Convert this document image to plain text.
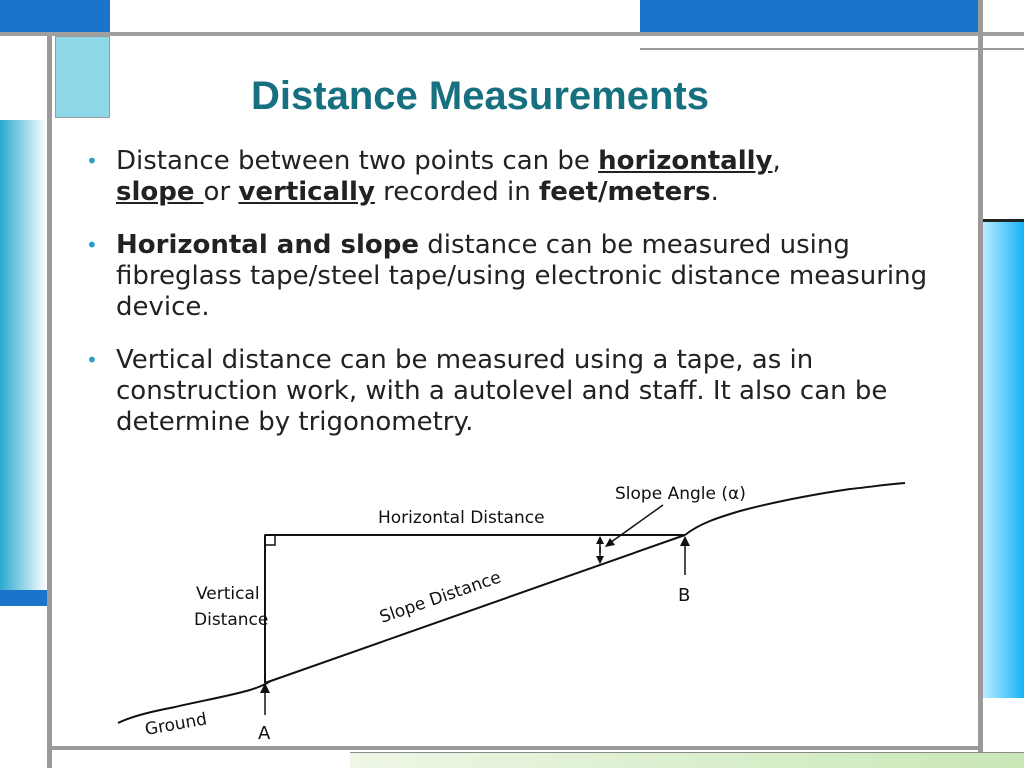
Distance Measurements
• Distance between two points can be horizontally,
slope or vertically recorded in feet/meters.
• Horizontal and slope distance can be measured using fibreglass tape/steel tape/using electronic distance measuring device.
• Vertical distance can be measured using a tape, as in construction work, with a autolevel and staff. It also can be determine by trigonometry.
Horizontal Distance
Slope Angle (α)
Vertical
Distance	Slope Distance
A
B
Ground
